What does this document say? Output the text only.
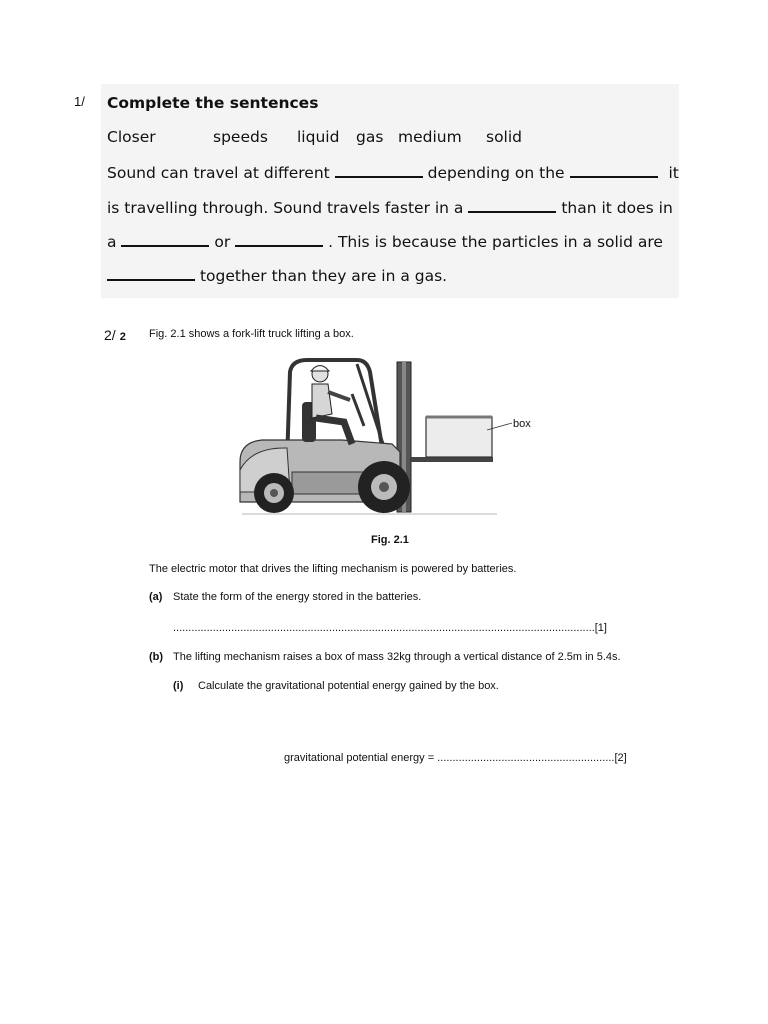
1/ Complete the sentences
Closer	speeds liquid gas medium solid
Sound can travel at different	depending on the	it
is travelling through. Sound travels faster in a	than it does in
a	or	. This is because the particles in a solid are
together than they are in a gas.
2/ 2 Fig. 2.1 shows a fork-lift truck lifting a box.
box
Fig. 2.1
The electric motor that drives the lifting mechanism is powered by batteries.
(a) State the form of the energy stored in the batteries.
..........................................................................................................................................[1]
(b) The lifting mechanism raises a box of mass 32kg through a vertical distance of 2.5m in 5.4s.
(i) Calculate the gravitational potential energy gained by the box.
gravitational potential energy = ..........................................................[2]
